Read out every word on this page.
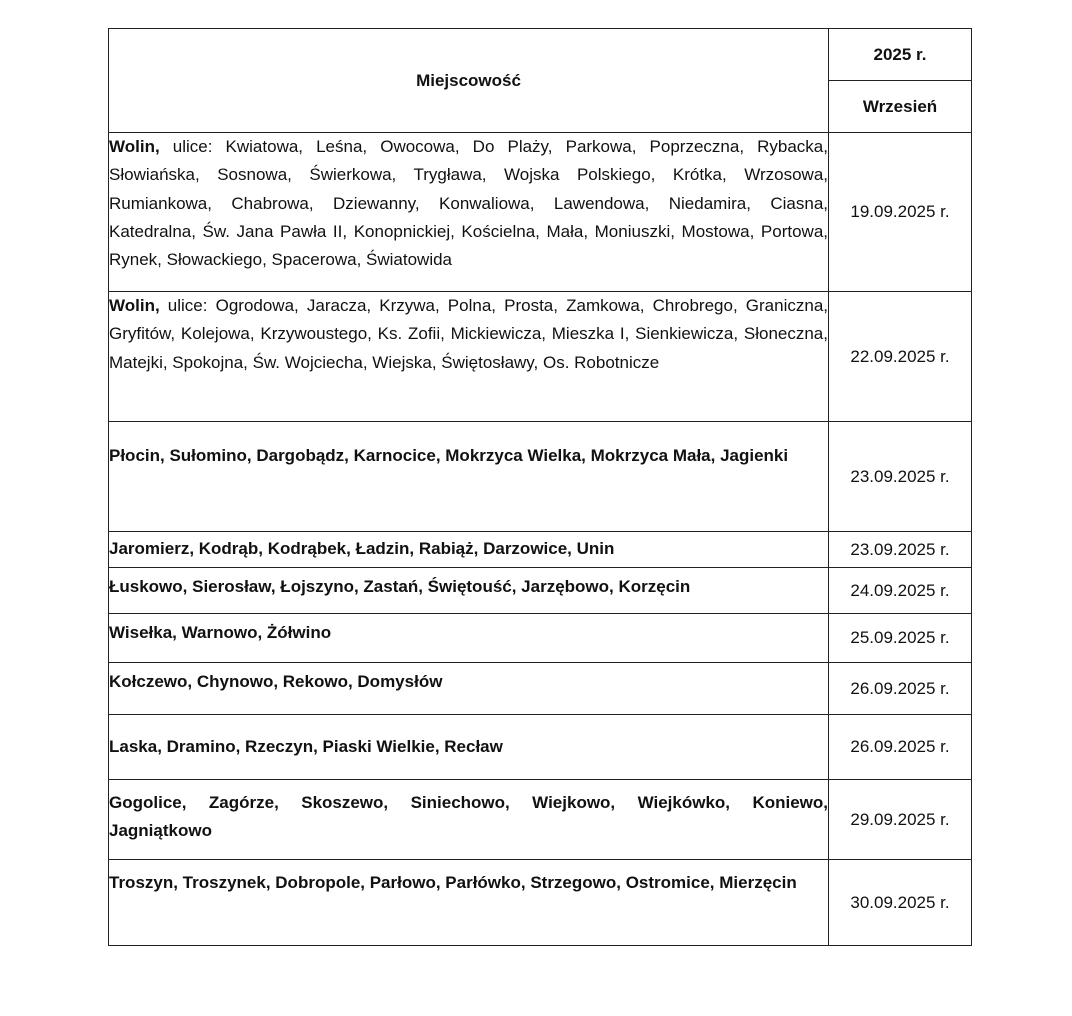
Miejscowość	2025 r.
	Wrzesień
Wolin, ulice: Kwiatowa, Leśna, Owocowa, Do Plaży, Parkowa, Poprzeczna, Rybacka, Słowiańska, Sosnowa, Świerkowa, Trygława, Wojska Polskiego, Krótka, Wrzosowa, Rumiankowa, Chabrowa, Dziewanny, Konwaliowa, Lawendowa, Niedamira, Ciasna, Katedralna, Św. Jana Pawła II, Konopnickiej, Kościelna, Mała, Moniuszki, Mostowa, Portowa, Rynek, Słowackiego, Spacerowa, Światowida	19.09.2025 r.
Wolin, ulice: Ogrodowa, Jaracza, Krzywa, Polna, Prosta, Zamkowa, Chrobrego, Graniczna, Gryfitów, Kolejowa, Krzywoustego, Ks. Zofii, Mickiewicza, Mieszka I, Sienkiewicza, Słoneczna, Matejki, Spokojna, Św. Wojciecha, Wiejska, Świętosławy, Os. Robotnicze	22.09.2025 r.
Płocin, Sułomino, Dargobądz, Karnocice, Mokrzyca Wielka, Mokrzyca Mała, Jagienki	23.09.2025 r.
Jaromierz, Kodrąb, Kodrąbek, Ładzin, Rabiąż, Darzowice, Unin	23.09.2025 r.
Łuskowo, Sierosław, Łojszyno, Zastań, Świętouść, Jarzębowo, Korzęcin	24.09.2025 r.
Wisełka, Warnowo, Żółwino	25.09.2025 r.
Kołczewo, Chynowo, Rekowo, Domysłów	26.09.2025 r.
Laska, Dramino, Rzeczyn, Piaski Wielkie, Recław	26.09.2025 r.
Gogolice, Zagórze, Skoszewo, Siniechowo, Wiejkowo, Wiejkówko, Koniewo, Jagniątkowo	29.09.2025 r.
Troszyn, Troszynek, Dobropole, Parłowo, Parłówko, Strzegowo, Ostromice, Mierzęcin	30.09.2025 r.
